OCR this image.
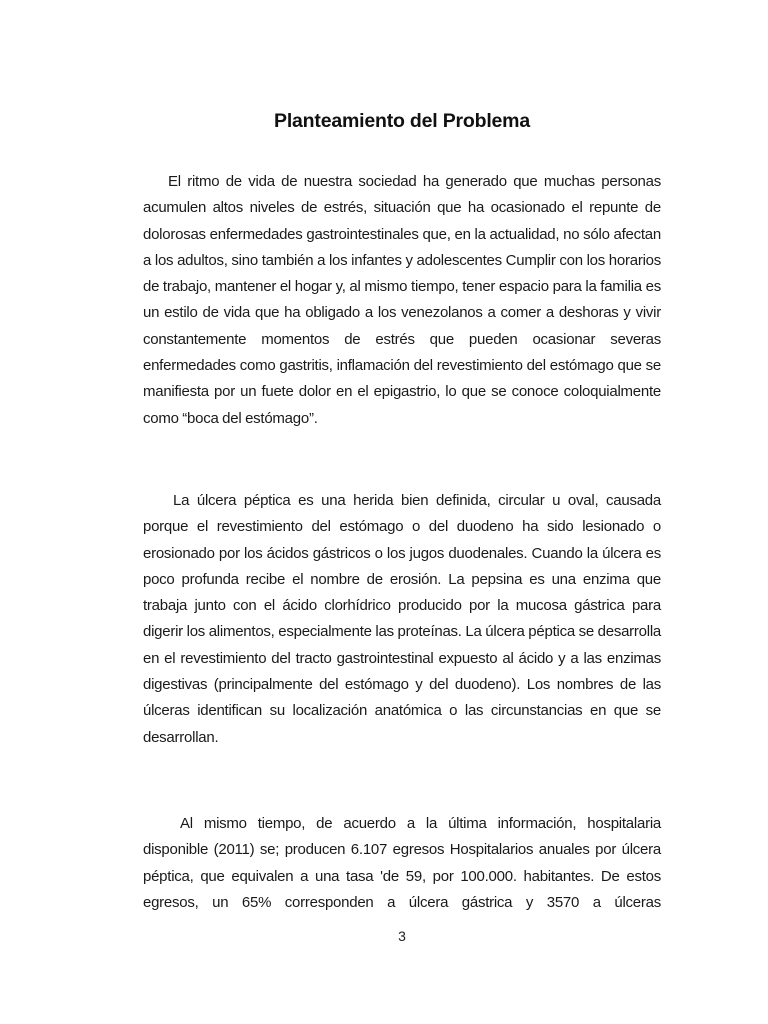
Planteamiento del Problema

El ritmo de vida de nuestra sociedad ha generado que muchas personas acumulen altos niveles de estrés, situación que ha ocasionado el repunte de dolorosas enfermedades gastrointestinales que, en la actualidad, no sólo afectan a los adultos, sino también a los infantes y adolescentes Cumplir con los horarios de trabajo, mantener el hogar y, al mismo tiempo, tener espacio para la familia es un estilo de vida que ha obligado a los venezolanos a comer a deshoras y vivir constantemente momentos de estrés que pueden ocasionar severas enfermedades como gastritis, inflamación del revestimiento del estómago que se manifiesta por un fuete dolor en el epigastrio, lo que se conoce coloquialmente como “boca del estómago”.

La úlcera péptica es una herida bien definida, circular u oval, causada porque el revestimiento del estómago o del duodeno ha sido lesionado o erosionado por los ácidos gástricos o los jugos duodenales. Cuando la úlcera es poco profunda recibe el nombre de erosión. La pepsina es una enzima que trabaja junto con el ácido clorhídrico producido por la mucosa gástrica para digerir los alimentos, especialmente las proteínas. La úlcera péptica se desarrolla en el revestimiento del tracto gastrointestinal expuesto al ácido y a las enzimas digestivas (principalmente del estómago y del duodeno). Los nombres de las úlceras identifican su localización anatómica o las circunstancias en que se desarrollan.

Al mismo tiempo, de acuerdo a la última información, hospitalaria disponible (2011) se; producen 6.107 egresos Hospitalarios anuales por úlcera péptica, que equivalen a una tasa 'de 59, por 100.000. habitantes. De estos egresos, un 65% corresponden a úlcera gástrica y 3570 a úlceras

3
